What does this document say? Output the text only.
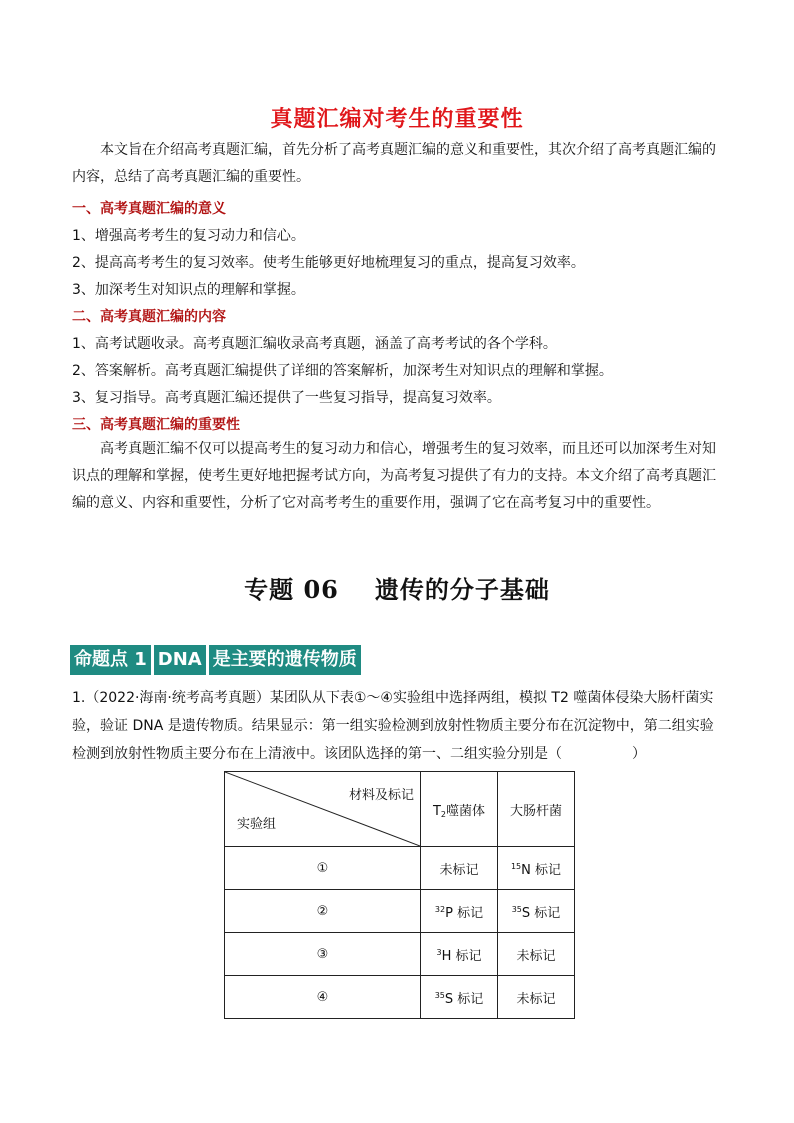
真题汇编对考生的重要性
本文旨在介绍高考真题汇编，首先分析了高考真题汇编的意义和重要性，其次介绍了高考真题汇编的内容，总结了高考真题汇编的重要性。
一、高考真题汇编的意义
1、增强高考考生的复习动力和信心。
2、提高高考考生的复习效率。使考生能够更好地梳理复习的重点，提高复习效率。
3、加深考生对知识点的理解和掌握。
二、高考真题汇编的内容
1、高考试题收录。高考真题汇编收录高考真题，涵盖了高考考试的各个学科。
2、答案解析。高考真题汇编提供了详细的答案解析，加深考生对知识点的理解和掌握。
3、复习指导。高考真题汇编还提供了一些复习指导，提高复习效率。
三、高考真题汇编的重要性
高考真题汇编不仅可以提高考生的复习动力和信心，增强考生的复习效率，而且还可以加深考生对知识点的理解和掌握，使考生更好地把握考试方向，为高考复习提供了有力的支持。本文介绍了高考真题汇编的意义、内容和重要性，分析了它对高考考生的重要作用，强调了它在高考复习中的重要性。
专题 06 遗传的分子基础
命题点 1 DNA 是主要的遗传物质
1.（2022·海南·统考高考真题）某团队从下表①～④实验组中选择两组，模拟 T2 噬菌体侵染大肠杆菌实验，验证 DNA 是遗传物质。结果显示：第一组实验检测到放射性物质主要分布在沉淀物中，第二组实验检测到放射性物质主要分布在上清液中。该团队选择的第一、二组实验分别是（	）
材料及标记
实验组	$T_2$噬菌体	大肠杆菌
①	未标记	$^{15}$N 标记
②	$^{32}$P 标记	$^{35}$S 标记
③	$^3$H 标记	未标记
④	$^{35}$S 标记	未标记
